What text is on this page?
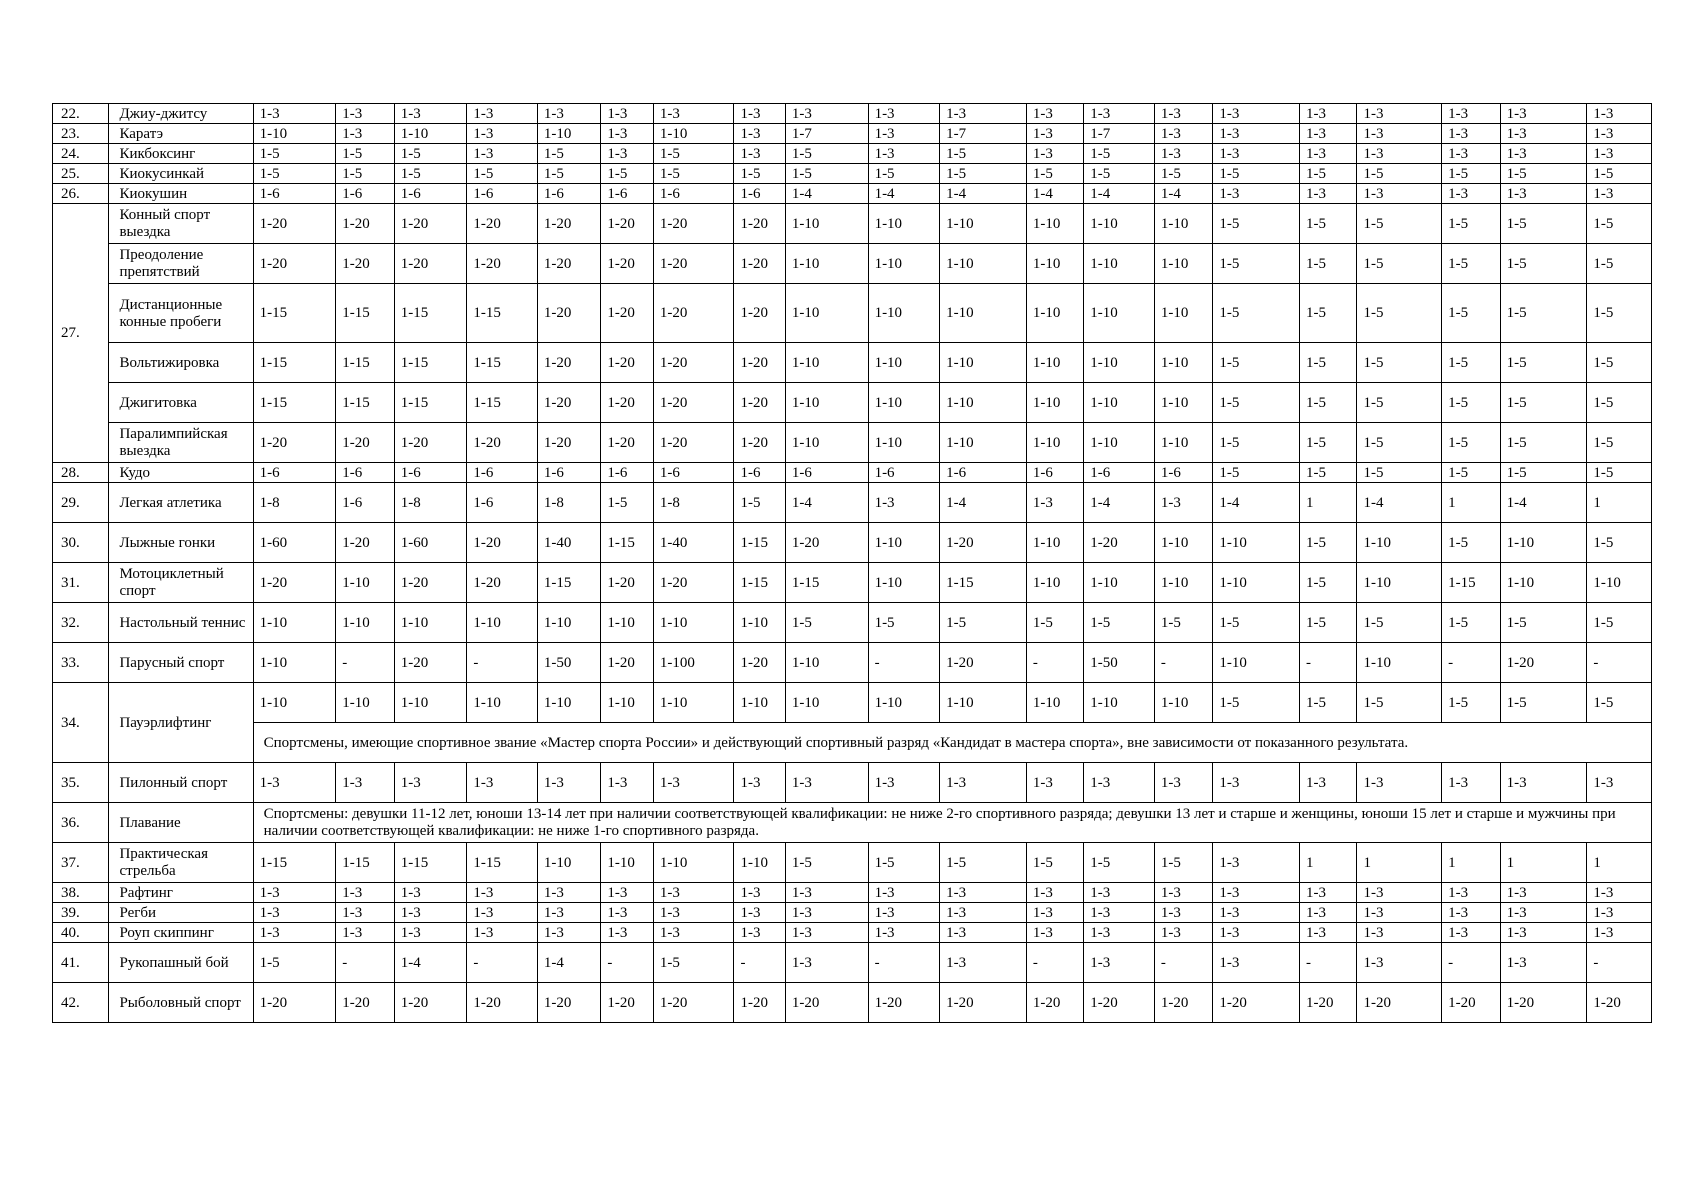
22.	Джиу-джитсу	1-3	1-3	1-3	1-3	1-3	1-3	1-3	1-3	1-3	1-3	1-3	1-3	1-3	1-3	1-3	1-3	1-3	1-3	1-3	1-3
23.	Каратэ	1-10	1-3	1-10	1-3	1-10	1-3	1-10	1-3	1-7	1-3	1-7	1-3	1-7	1-3	1-3	1-3	1-3	1-3	1-3	1-3
24.	Кикбоксинг	1-5	1-5	1-5	1-3	1-5	1-3	1-5	1-3	1-5	1-3	1-5	1-3	1-5	1-3	1-3	1-3	1-3	1-3	1-3	1-3
25.	Киокусинкай	1-5	1-5	1-5	1-5	1-5	1-5	1-5	1-5	1-5	1-5	1-5	1-5	1-5	1-5	1-5	1-5	1-5	1-5	1-5	1-5
26.	Киокушин	1-6	1-6	1-6	1-6	1-6	1-6	1-6	1-6	1-4	1-4	1-4	1-4	1-4	1-4	1-3	1-3	1-3	1-3	1-3	1-3
27.	Конный спорт выездка	1-20	1-20	1-20	1-20	1-20	1-20	1-20	1-20	1-10	1-10	1-10	1-10	1-10	1-10	1-5	1-5	1-5	1-5	1-5	1-5
	Преодоление препятствий	1-20	1-20	1-20	1-20	1-20	1-20	1-20	1-20	1-10	1-10	1-10	1-10	1-10	1-10	1-5	1-5	1-5	1-5	1-5	1-5
	Дистанционные конные пробеги	1-15	1-15	1-15	1-15	1-20	1-20	1-20	1-20	1-10	1-10	1-10	1-10	1-10	1-10	1-5	1-5	1-5	1-5	1-5	1-5
	Вольтижировка	1-15	1-15	1-15	1-15	1-20	1-20	1-20	1-20	1-10	1-10	1-10	1-10	1-10	1-10	1-5	1-5	1-5	1-5	1-5	1-5
	Джигитовка	1-15	1-15	1-15	1-15	1-20	1-20	1-20	1-20	1-10	1-10	1-10	1-10	1-10	1-10	1-5	1-5	1-5	1-5	1-5	1-5
	Паралимпийская выездка	1-20	1-20	1-20	1-20	1-20	1-20	1-20	1-20	1-10	1-10	1-10	1-10	1-10	1-10	1-5	1-5	1-5	1-5	1-5	1-5
28.	Кудо	1-6	1-6	1-6	1-6	1-6	1-6	1-6	1-6	1-6	1-6	1-6	1-6	1-6	1-6	1-5	1-5	1-5	1-5	1-5	1-5
29.	Легкая атлетика	1-8	1-6	1-8	1-6	1-8	1-5	1-8	1-5	1-4	1-3	1-4	1-3	1-4	1-3	1-4	1	1-4	1	1-4	1
30.	Лыжные гонки	1-60	1-20	1-60	1-20	1-40	1-15	1-40	1-15	1-20	1-10	1-20	1-10	1-20	1-10	1-10	1-5	1-10	1-5	1-10	1-5
31.	Мотоциклетный спорт	1-20	1-10	1-20	1-20	1-15	1-20	1-20	1-15	1-15	1-10	1-15	1-10	1-10	1-10	1-10	1-5	1-10	1-15	1-10	1-10
32.	Настольный теннис	1-10	1-10	1-10	1-10	1-10	1-10	1-10	1-10	1-5	1-5	1-5	1-5	1-5	1-5	1-5	1-5	1-5	1-5	1-5	1-5
33.	Парусный спорт	1-10	-	1-20	-	1-50	1-20	1-100	1-20	1-10	-	1-20	-	1-50	-	1-10	-	1-10	-	1-20	-
34.	Пауэрлифтинг	1-10	1-10	1-10	1-10	1-10	1-10	1-10	1-10	1-10	1-10	1-10	1-10	1-10	1-10	1-5	1-5	1-5	1-5	1-5	1-5
		Спортсмены, имеющие спортивное звание «Мастер спорта России» и действующий спортивный разряд «Кандидат в мастера спорта», вне зависимости от показанного результата.																			
35.	Пилонный спорт	1-3	1-3	1-3	1-3	1-3	1-3	1-3	1-3	1-3	1-3	1-3	1-3	1-3	1-3	1-3	1-3	1-3	1-3	1-3	1-3
36.	Плавание	Спортсмены: девушки 11-12 лет, юноши 13-14 лет при наличии соответствующей квалификации: не ниже 2-го спортивного разряда; девушки 13 лет и старше и женщины, юноши 15 лет и старше и мужчины при наличии соответствующей квалификации: не ниже 1-го спортивного разряда.																			
37.	Практическая стрельба	1-15	1-15	1-15	1-15	1-10	1-10	1-10	1-10	1-5	1-5	1-5	1-5	1-5	1-5	1-3	1	1	1	1	1
38.	Рафтинг	1-3	1-3	1-3	1-3	1-3	1-3	1-3	1-3	1-3	1-3	1-3	1-3	1-3	1-3	1-3	1-3	1-3	1-3	1-3	1-3
39.	Регби	1-3	1-3	1-3	1-3	1-3	1-3	1-3	1-3	1-3	1-3	1-3	1-3	1-3	1-3	1-3	1-3	1-3	1-3	1-3	1-3
40.	Роуп скиппинг	1-3	1-3	1-3	1-3	1-3	1-3	1-3	1-3	1-3	1-3	1-3	1-3	1-3	1-3	1-3	1-3	1-3	1-3	1-3	1-3
41.	Рукопашный бой	1-5	-	1-4	-	1-4	-	1-5	-	1-3	-	1-3	-	1-3	-	1-3	-	1-3	-	1-3	-
42.	Рыболовный спорт	1-20	1-20	1-20	1-20	1-20	1-20	1-20	1-20	1-20	1-20	1-20	1-20	1-20	1-20	1-20	1-20	1-20	1-20	1-20	1-20
